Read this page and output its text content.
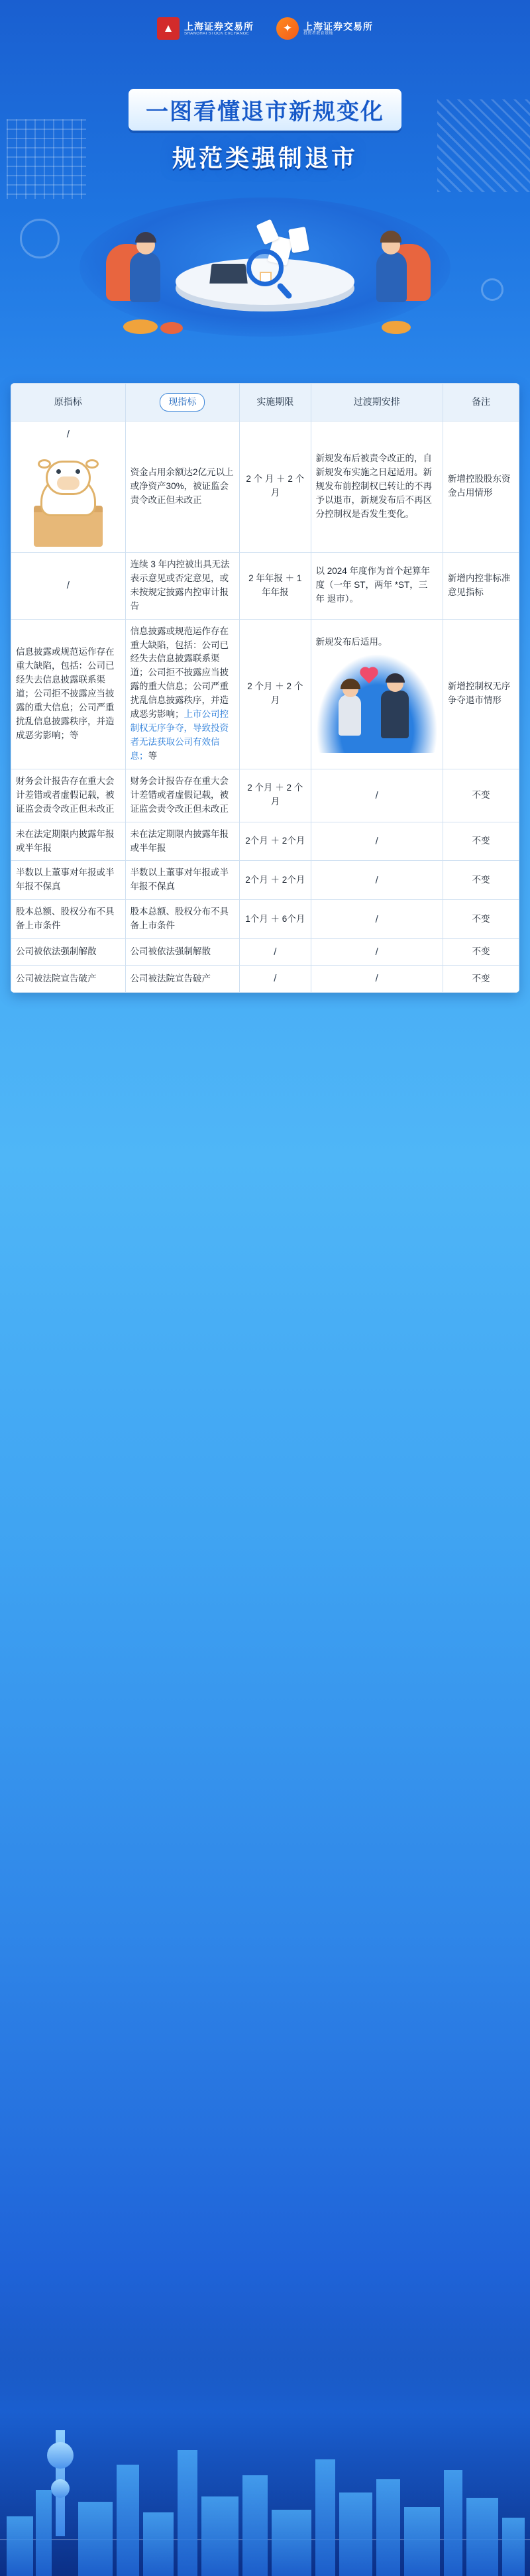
▲	上海证券交易所
SHANGHAI STOCK EXCHANGE	✦	上海证券交易所
投资者教育基地
一图看懂退市新规变化
规范类强制退市
原指标	现指标	实施期限	过渡期安排	备注
/	资金占用余额达2亿元以上或净资产30%，被证监会责令改正但未改正	2 个 月 ＋ 2 个 月	新规发布后被责令改正的，自新规发布实施之日起适用。新规发布前控制权已转让的不再予以退市，新规发布后不再区分控制权是否发生变化。	新增控股股东资金占用情形
/	连续 3 年内控被出具无法表示意见或否定意见，或未按规定披露内控审计报告	2 年年报 ＋ 1 年年报	以 2024 年度作为首个起算年度（一年 ST，两年 *ST，三 年 退市）。	新增内控非标准意见指标
信息披露或规范运作存在重大缺陷，包括：公司已经失去信息披露联系渠道；公司拒不披露应当披露的重大信息；公司严重扰乱信息披露秩序，并造成恶劣影响；等	信息披露或规范运作存在重大缺陷，包括：公司已经失去信息披露联系渠道；公司拒不披露应当披露的重大信息；公司严重扰乱信息披露秩序，并造成恶劣影响；上市公司控制权无序争夺，导致投资者无法获取公司有效信息；等	2 个月 ＋ 2 个月	新规发布后适用。	新增控制权无序争夺退市情形
财务会计报告存在重大会计差错或者虚假记载，被证监会责令改正但未改正	财务会计报告存在重大会计差错或者虚假记载，被证监会责令改正但未改正	2 个月 ＋ 2 个月	/	不变
未在法定期限内披露年报或半年报	未在法定期限内披露年报或半年报	2个月 ＋ 2个月	/	不变
半数以上董事对年报或半年报不保真	半数以上董事对年报或半年报不保真	2个月 ＋ 2个月	/	不变
股本总额、股权分布不具备上市条件	股本总额、股权分布不具备上市条件	1个月 ＋ 6个月	/	不变
公司被依法强制解散	公司被依法强制解散	/	/	不变
公司被法院宣告破产	公司被法院宣告破产	/	/	不变
